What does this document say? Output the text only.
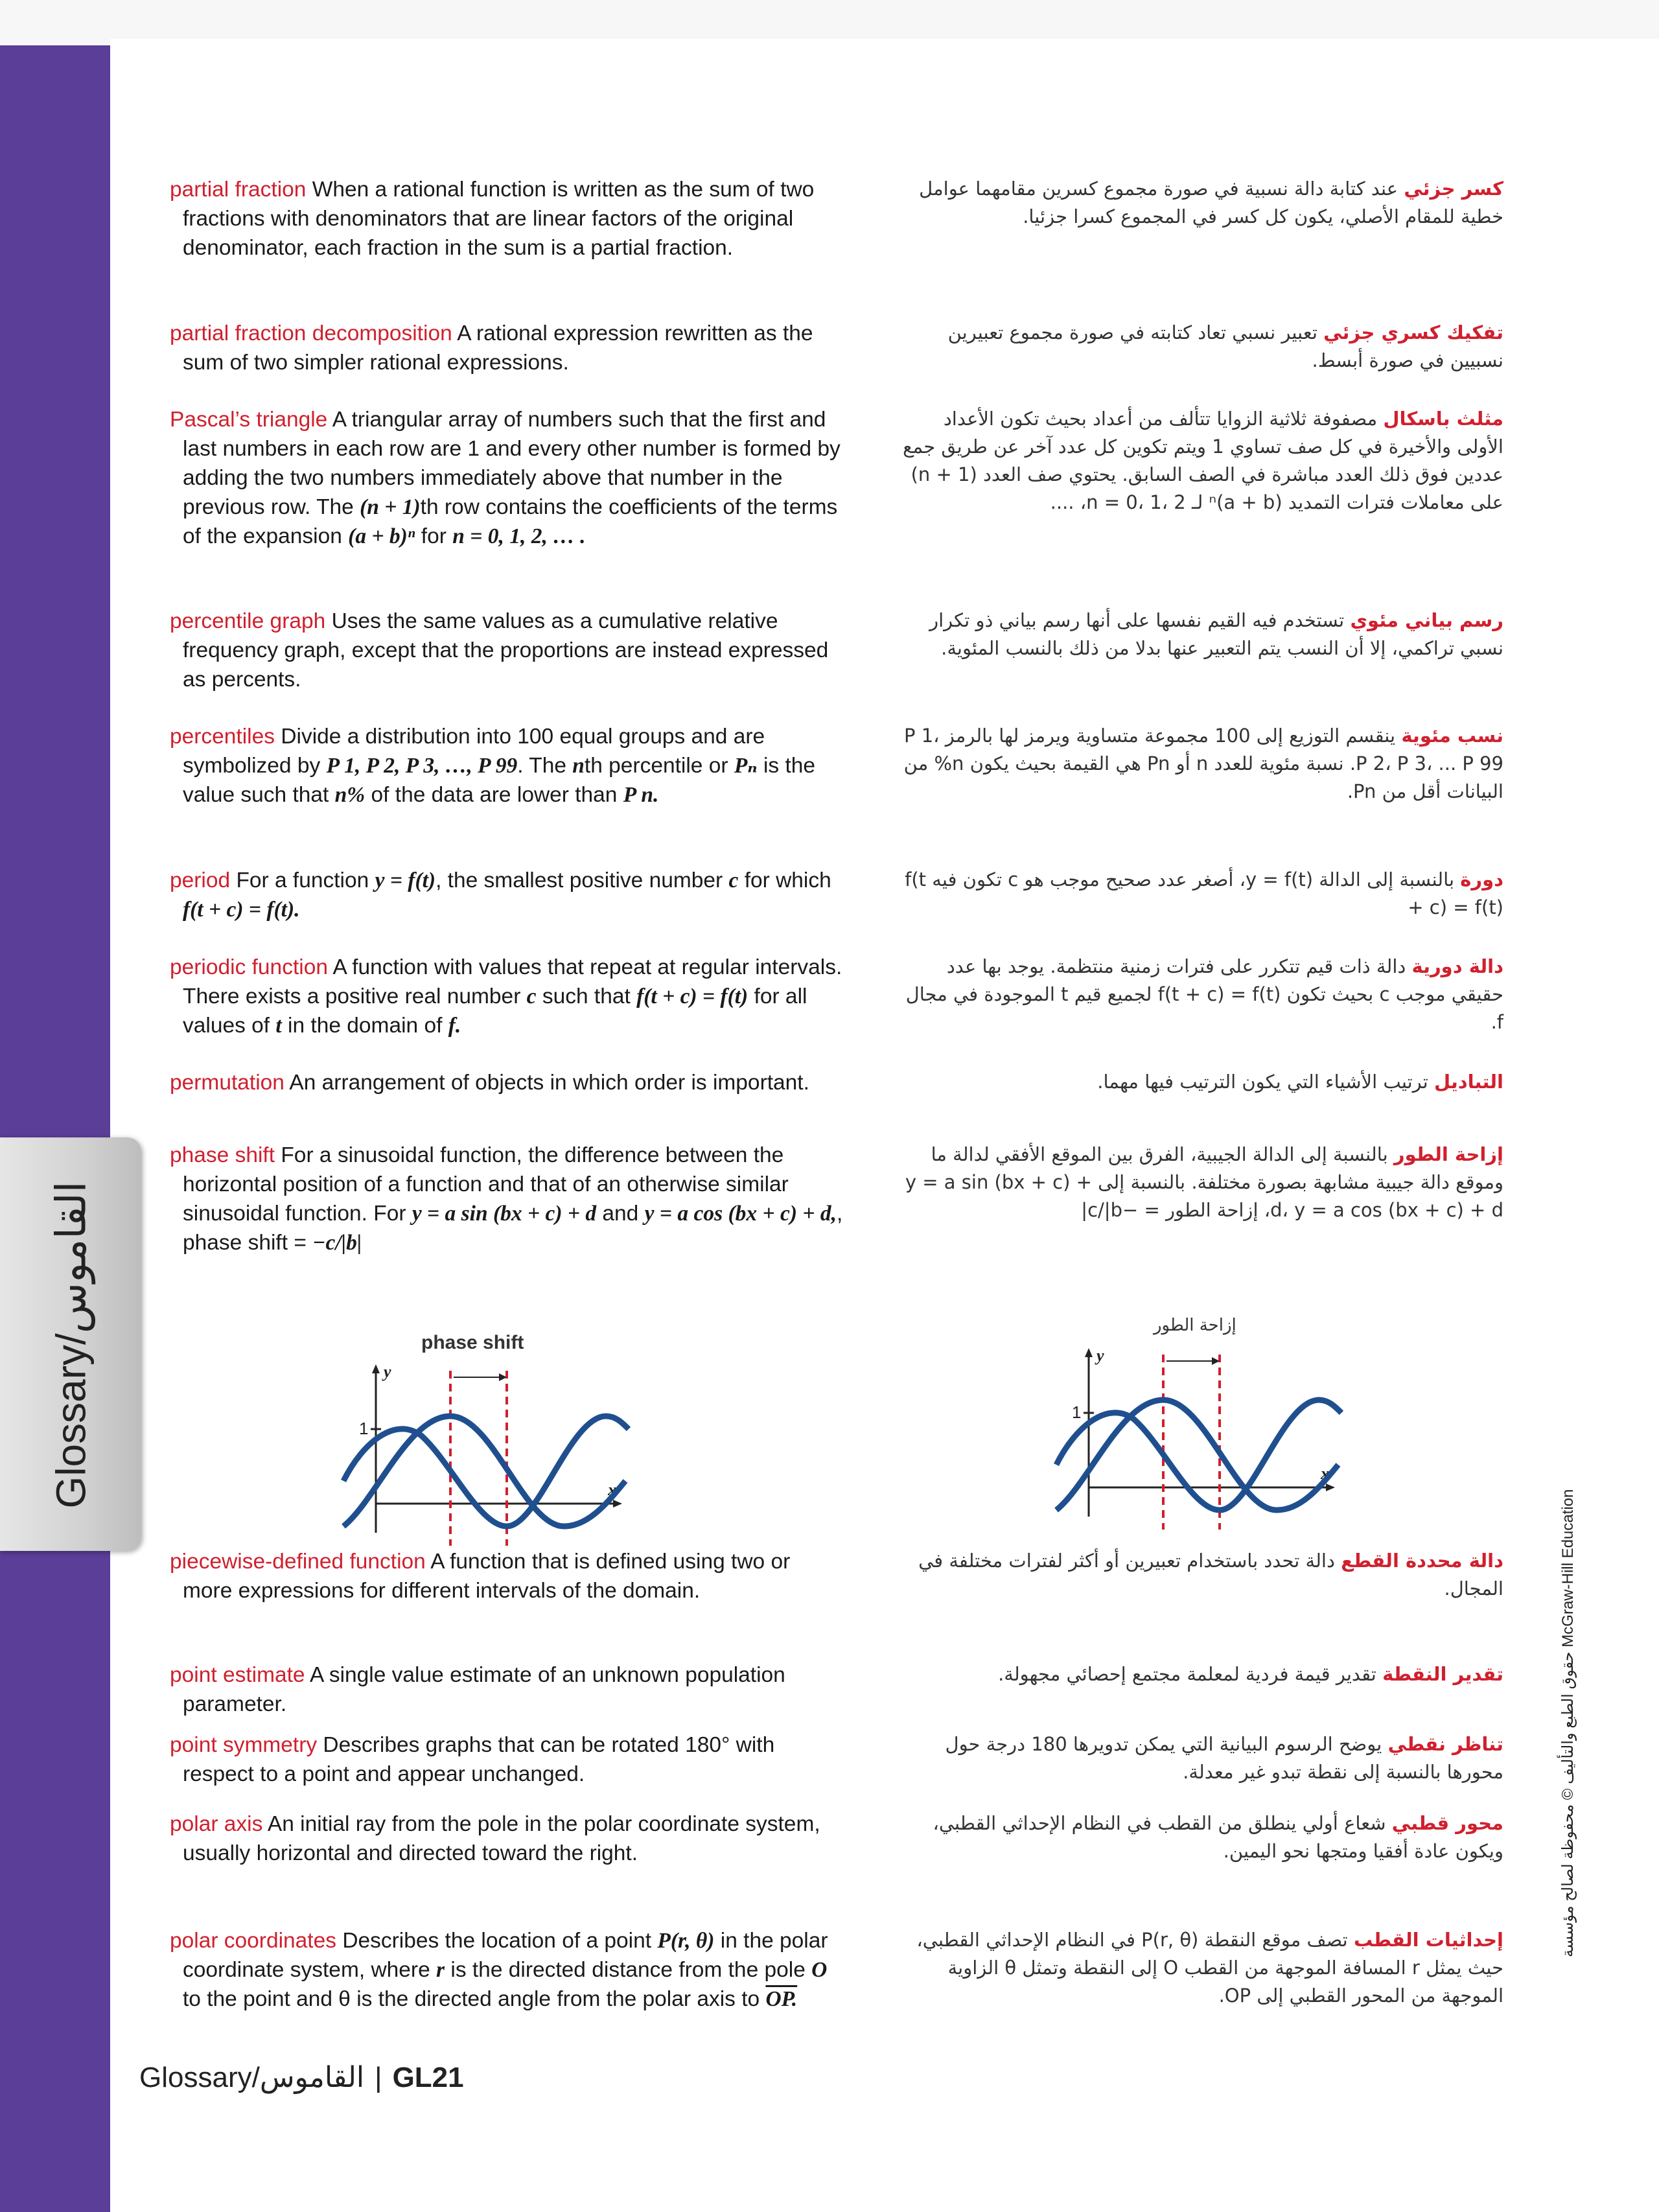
Glossary/القاموس
partial fraction When a rational function is written as the sum of two fractions with denominators that are linear factors of the original denominator, each fraction in the sum is a partial fraction.
partial fraction decomposition A rational expression rewritten as the sum of two simpler rational expressions.
Pascal’s triangle A triangular array of numbers such that the first and last numbers in each row are 1 and every other number is formed by adding the two numbers immediately above that number in the previous row. The (n + 1)th row contains the coefficients of the terms of the expansion (a + b)ⁿ for n = 0, 1, 2, … .
percentile graph Uses the same values as a cumulative relative frequency graph, except that the proportions are instead expressed as percents.
percentiles Divide a distribution into 100 equal groups and are symbolized by P 1, P 2, P 3, …, P 99. The nth percentile or Pₙ is the value such that n% of the data are lower than P n.
period For a function y = f(t), the smallest positive number c for which f(t + c) = f(t).
periodic function A function with values that repeat at regular intervals. There exists a positive real number c such that f(t + c) = f(t) for all values of t in the domain of f.
permutation An arrangement of objects in which order is important.
phase shift For a sinusoidal function, the difference between the horizontal position of a function and that of an otherwise similar sinusoidal function. For y = a sin (bx + c) + d and y = a cos (bx + c) + d,, phase shift = −c/|b|
piecewise-defined function A function that is defined using two or more expressions for different intervals of the domain.
point estimate A single value estimate of an unknown population parameter.
point symmetry Describes graphs that can be rotated 180° with respect to a point and appear unchanged.
polar axis An initial ray from the pole in the polar coordinate system, usually horizontal and directed toward the right.
polar coordinates Describes the location of a point P(r, θ) in the polar coordinate system, where r is the directed distance from the pole O to the point and θ is the directed angle from the polar axis to OP.
phase shift
1
y
x
كسر جزئي عند كتابة دالة نسبية في صورة مجموع كسرين مقامهما عوامل خطية للمقام الأصلي، يكون كل كسر في المجموع كسرا جزئيا.
تفكيك كسري جزئي تعبير نسبي تعاد كتابته في صورة مجموع تعبيرين نسبيين في صورة أبسط.
مثلث باسكال مصفوفة ثلاثية الزوايا تتألف من أعداد بحيث تكون الأعداد الأولى والأخيرة في كل صف تساوي 1 ويتم تكوين كل عدد آخر عن طريق جمع عددين فوق ذلك العدد مباشرة في الصف السابق. يحتوي صف العدد (n + 1) على معاملات فترات التمديد (a + b)ⁿ لـ n = 0، 1، 2، ....
رسم بياني مئوي تستخدم فيه القيم نفسها على أنها رسم بياني ذو تكرار نسبي تراكمي، إلا أن النسب يتم التعبير عنها بدلا من ذلك بالنسب المئوية.
نسب مئوية ينقسم التوزيع إلى 100 مجموعة متساوية ويرمز لها بالرمز P 1، P 2، P 3، ... P 99. نسبة مئوية للعدد n أو Pn هي القيمة بحيث يكون n% من البيانات أقل من Pn.
دورة بالنسبة إلى الدالة y = f(t)، أصغر عدد صحيح موجب هو c تكون فيه f(t + c) = f(t)
دالة دورية دالة ذات قيم تتكرر على فترات زمنية منتظمة. يوجد بها عدد حقيقي موجب c بحيث تكون f(t + c) = f(t) لجميع قيم t الموجودة في مجال f.
التباديل ترتيب الأشياء التي يكون الترتيب فيها مهما.
إزاحة الطور بالنسبة إلى الدالة الجيبية، الفرق بين الموقع الأفقي لدالة ما وموقع دالة جيبية مشابهة بصورة مختلفة. بالنسبة إلى y = a sin (bx + c) + d، y = a cos (bx + c) + d، إزاحة الطور = −c/|b|
دالة محددة القطع دالة تحدد باستخدام تعبيرين أو أكثر لفترات مختلفة في المجال.
تقدير النقطة تقدير قيمة فردية لمعلمة مجتمع إحصائي مجهولة.
تناظر نقطي يوضح الرسوم البيانية التي يمكن تدويرها 180 درجة حول محورها بالنسبة إلى نقطة تبدو غير معدلة.
محور قطبي شعاع أولي ينطلق من القطب في النظام الإحداثي القطبي، ويكون عادة أفقيا ومتجها نحو اليمين.
إحداثيات القطب تصف موقع النقطة P(r, θ) في النظام الإحداثي القطبي، حيث يمثل r المسافة الموجهة من القطب O إلى النقطة وتمثل θ الزاوية الموجهة من المحور القطبي إلى OP.
إزاحة الطور
1
y
x
حقوق الطبع والتأليف © محفوظة لصالح مؤسسة McGraw-Hill Education
Glossary/القاموس | GL21
